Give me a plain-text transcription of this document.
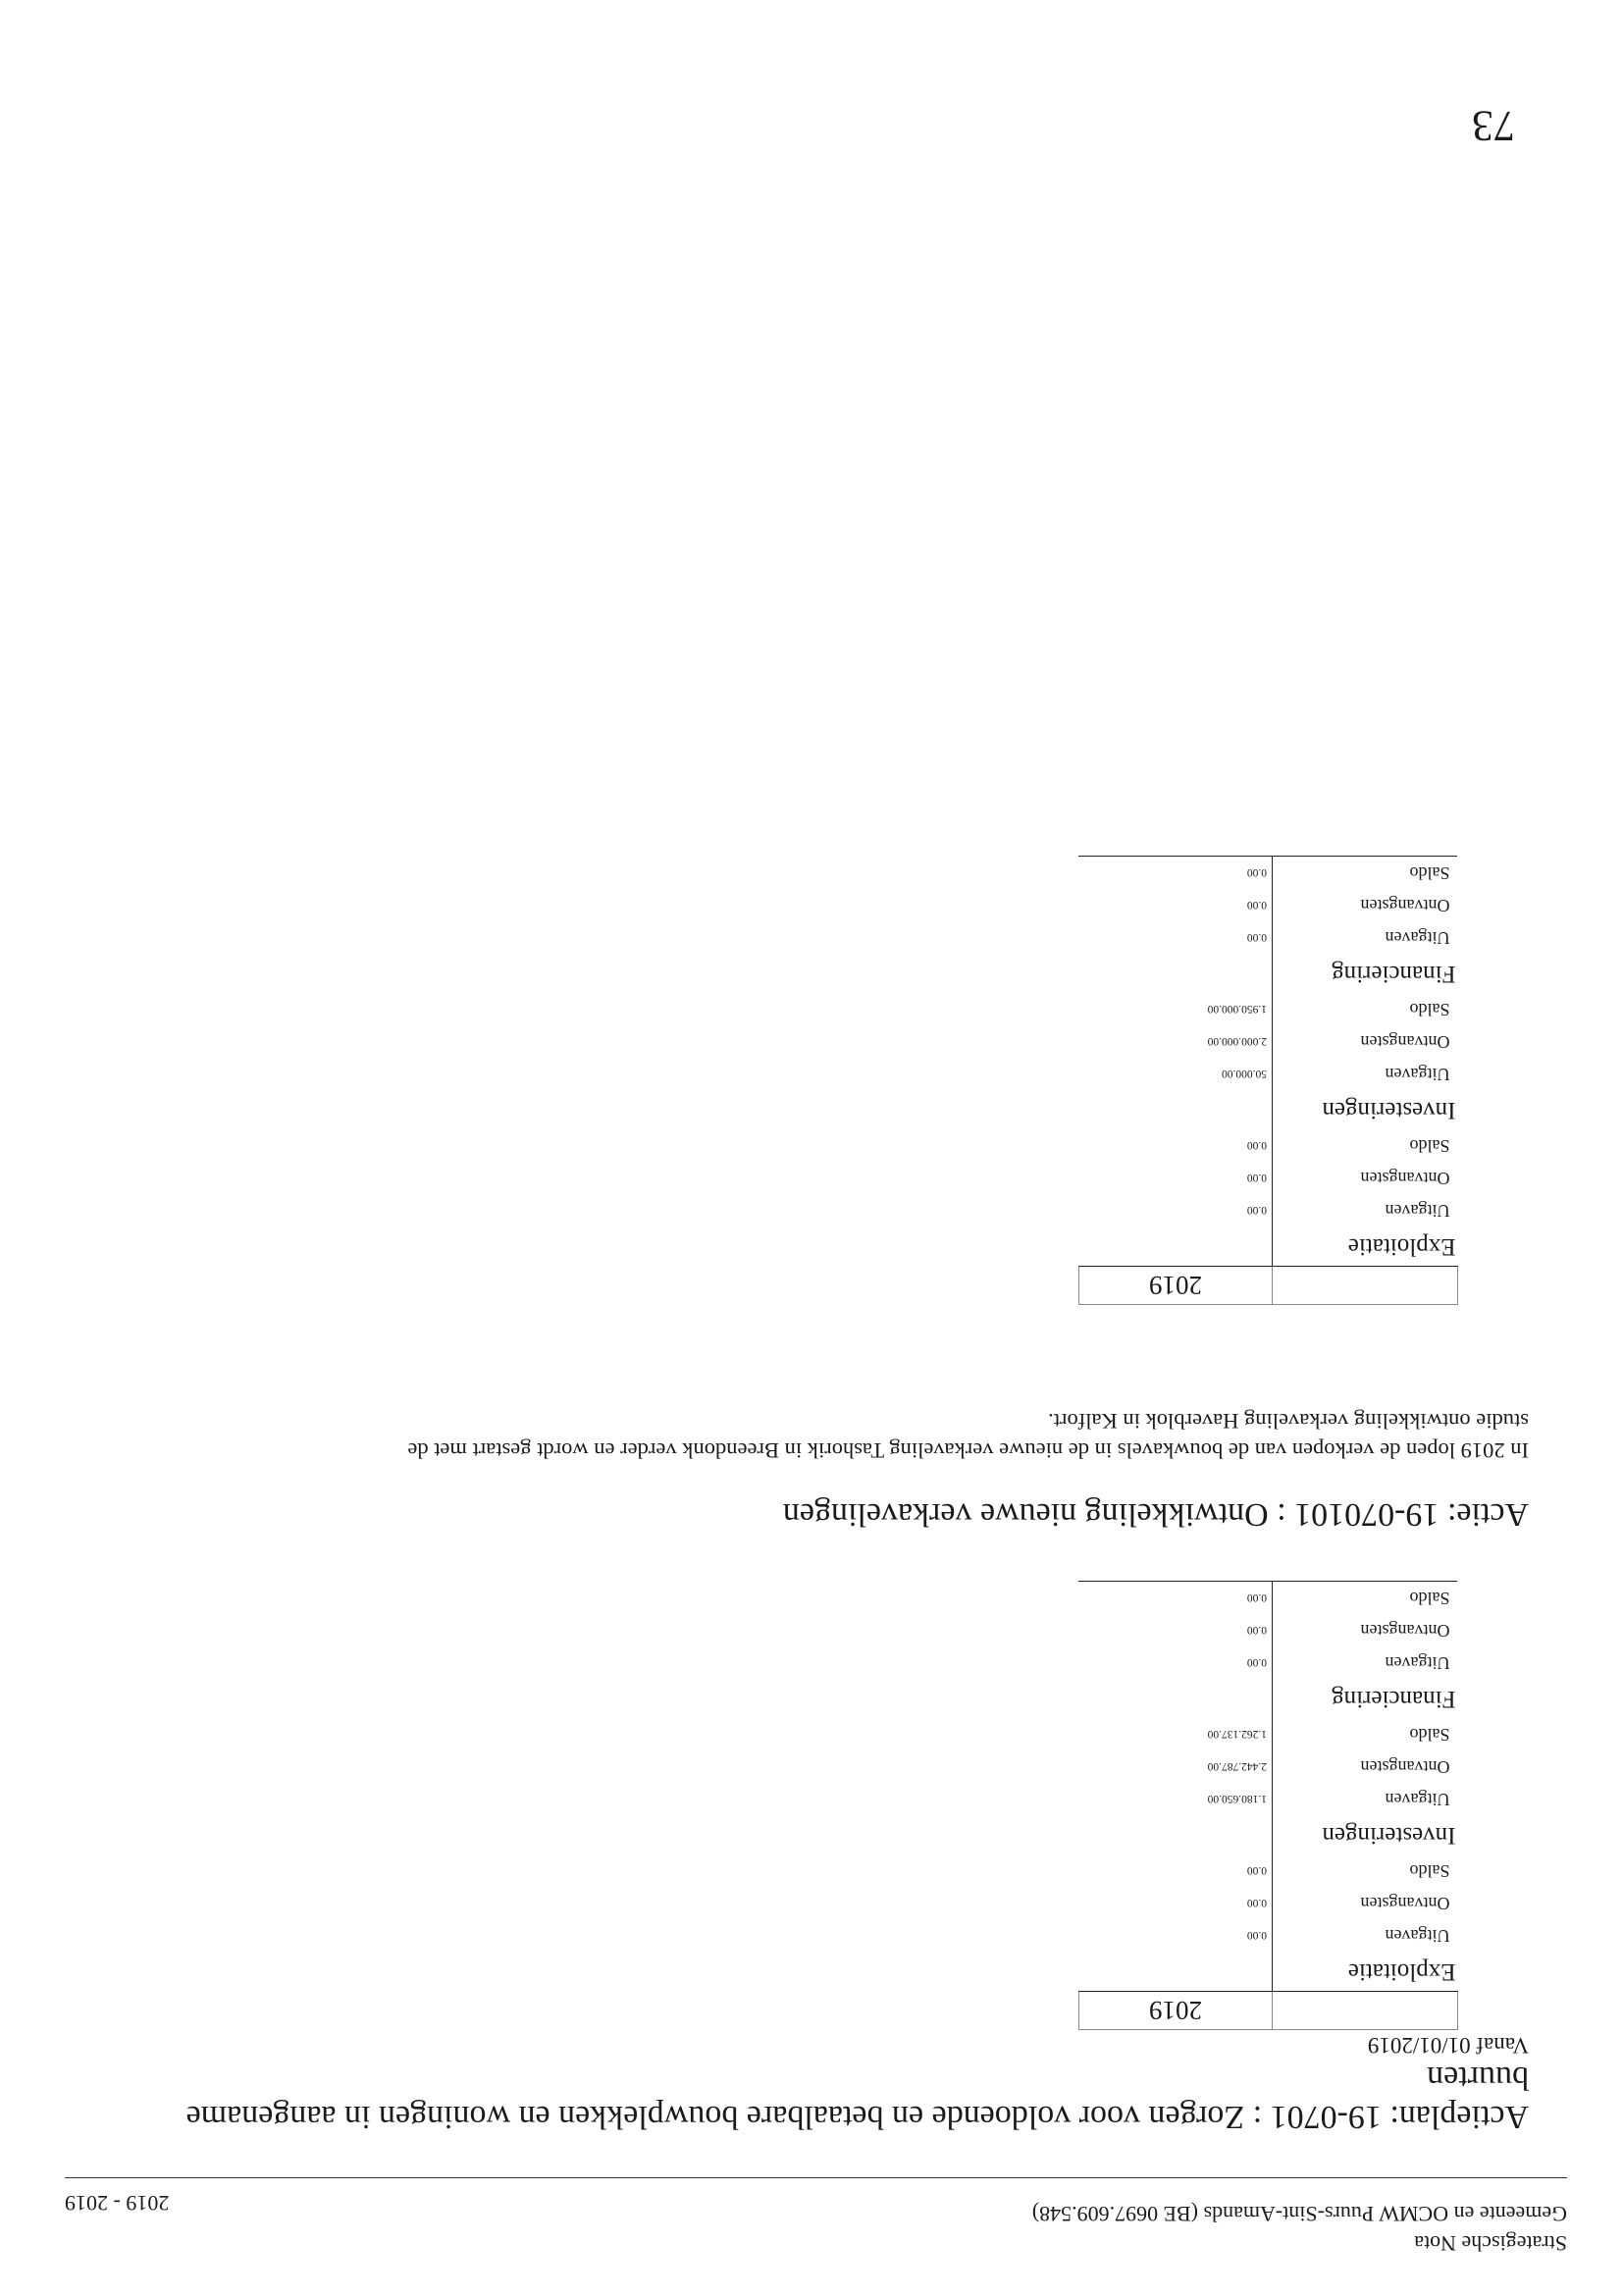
Strategische Nota
Gemeente en OCMW Puurs-Sint-Amands (BE 0697.609.548)
2019 - 2019
Actieplan: 19-0701 : Zorgen voor voldoende en betaalbare bouwplekken en woningen in aangename
buurten
Vanaf 01/01/2019
	2019
Exploitatie	
Uitgaven	0.00
Ontvangsten	0.00
Saldo	0.00
Investeringen	
Uitgaven	1.180.650.00
Ontvangsten	2.442.787.00
Saldo	1.262.137.00
Financiering	
Uitgaven	0.00
Ontvangsten	0.00
Saldo	0.00
Actie: 19-070101 : Ontwikkeling nieuwe verkavelingen
In 2019 lopen de verkopen van de bouwkavels in de nieuwe verkaveling Tashorik in Breendonk verder en wordt gestart met de
studie ontwikkeling verkaveling Haverblok in Kalfort.
	2019
Exploitatie	
Uitgaven	0.00
Ontvangsten	0.00
Saldo	0.00
Investeringen	
Uitgaven	50.000.00
Ontvangsten	2.000.000.00
Saldo	1.950.000.00
Financiering	
Uitgaven	0.00
Ontvangsten	0.00
Saldo	0.00
73
